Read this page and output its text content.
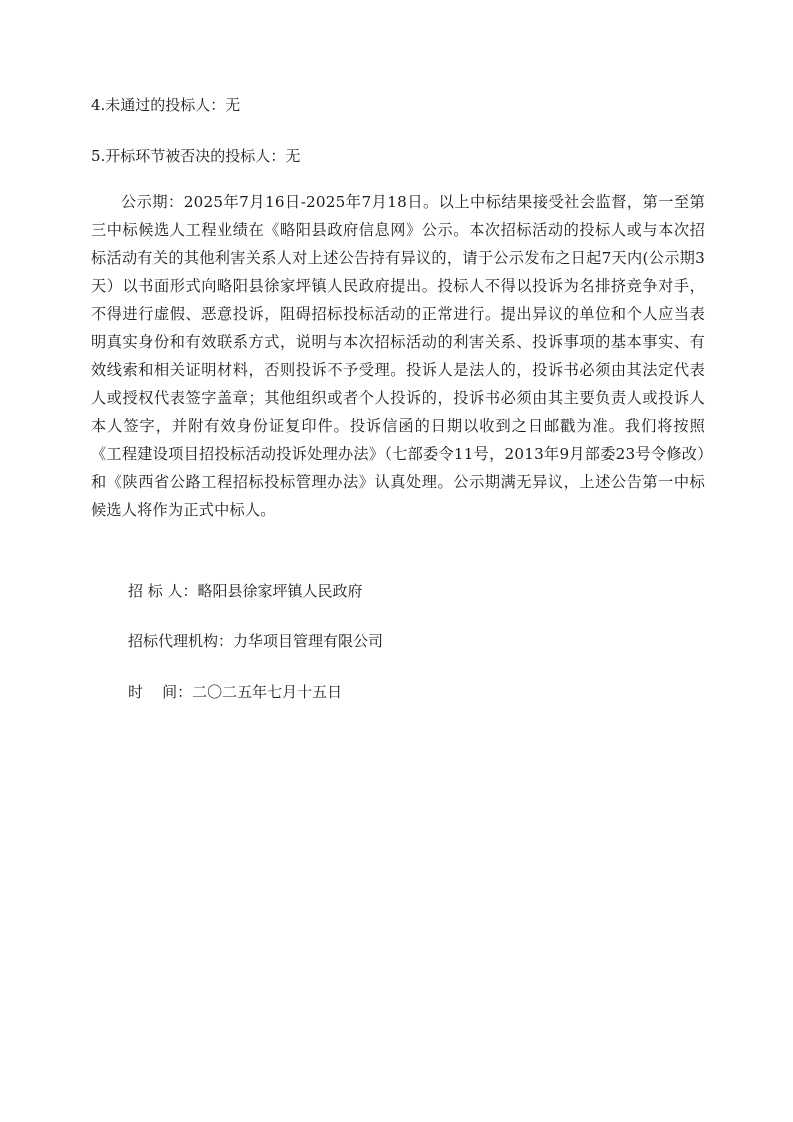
4.未通过的投标人：无

5.开标环节被否决的投标人：无

公示期：2025年7月16日-2025年7月18日。以上中标结果接受社会监督，第一至第三中标候选人工程业绩在《略阳县政府信息网》公示。本次招标活动的投标人或与本次招标活动有关的其他利害关系人对上述公告持有异议的，请于公示发布之日起7天内(公示期3天）以书面形式向略阳县徐家坪镇人民政府提出。投标人不得以投诉为名排挤竞争对手，不得进行虚假、恶意投诉，阻碍招标投标活动的正常进行。提出异议的单位和个人应当表明真实身份和有效联系方式，说明与本次招标活动的利害关系、投诉事项的基本事实、有效线索和相关证明材料，否则投诉不予受理。投诉人是法人的，投诉书必须由其法定代表人或授权代表签字盖章；其他组织或者个人投诉的，投诉书必须由其主要负责人或投诉人本人签字，并附有效身份证复印件。投诉信函的日期以收到之日邮戳为准。我们将按照《工程建设项目招投标活动投诉处理办法》（七部委令11号，2013年9月部委23号令修改）和《陕西省公路工程招标投标管理办法》认真处理。公示期满无异议，上述公告第一中标候选人将作为正式中标人。

招 标 人：略阳县徐家坪镇人民政府

招标代理机构：力华项目管理有限公司

时    间：二〇二五年七月十五日
